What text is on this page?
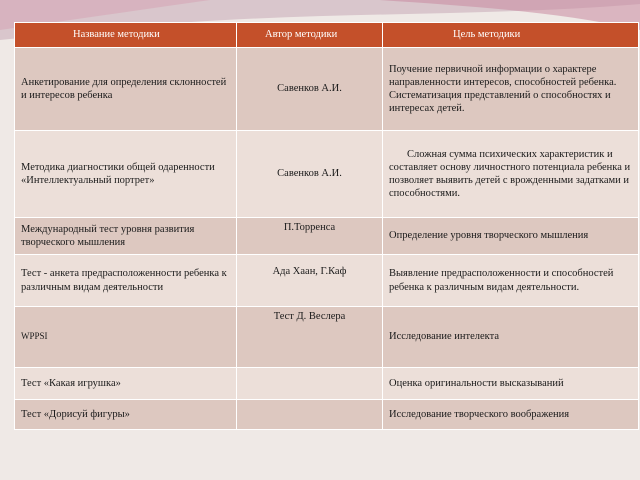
Название методики	Автор методики	Цель методики
Анкетирование для определения склонностей и интересов ребенка	Савенков А.И.	Поучение первичной информации о характере направленности интересов, способностей ребенка. Систематизация представлений о способностях и интересах детей.
Методика диагностики общей одаренности «Интеллектуальный портрет»	Савенков А.И.	Сложная сумма психических характеристик и составляет основу личностного потенциала ребенка и позволяет выявить детей с врожденными задатками и способностями.
Международный тест уровня развития творческого мышления	П.Торренса	Определение уровня творческого мышления
Тест - анкета предрасположенности ребенка к различным видам деятельности	Ада Хаан, Г.Каф	Выявление предрасположенности и способностей ребенка к различным видам деятельности.
WPPSI	Тест Д. Веслера	Исследование интелекта
Тест «Какая игрушка»		Оценка оригинальности высказываний
Тест «Дорисуй фигуры»		Исследование творческого воображения
